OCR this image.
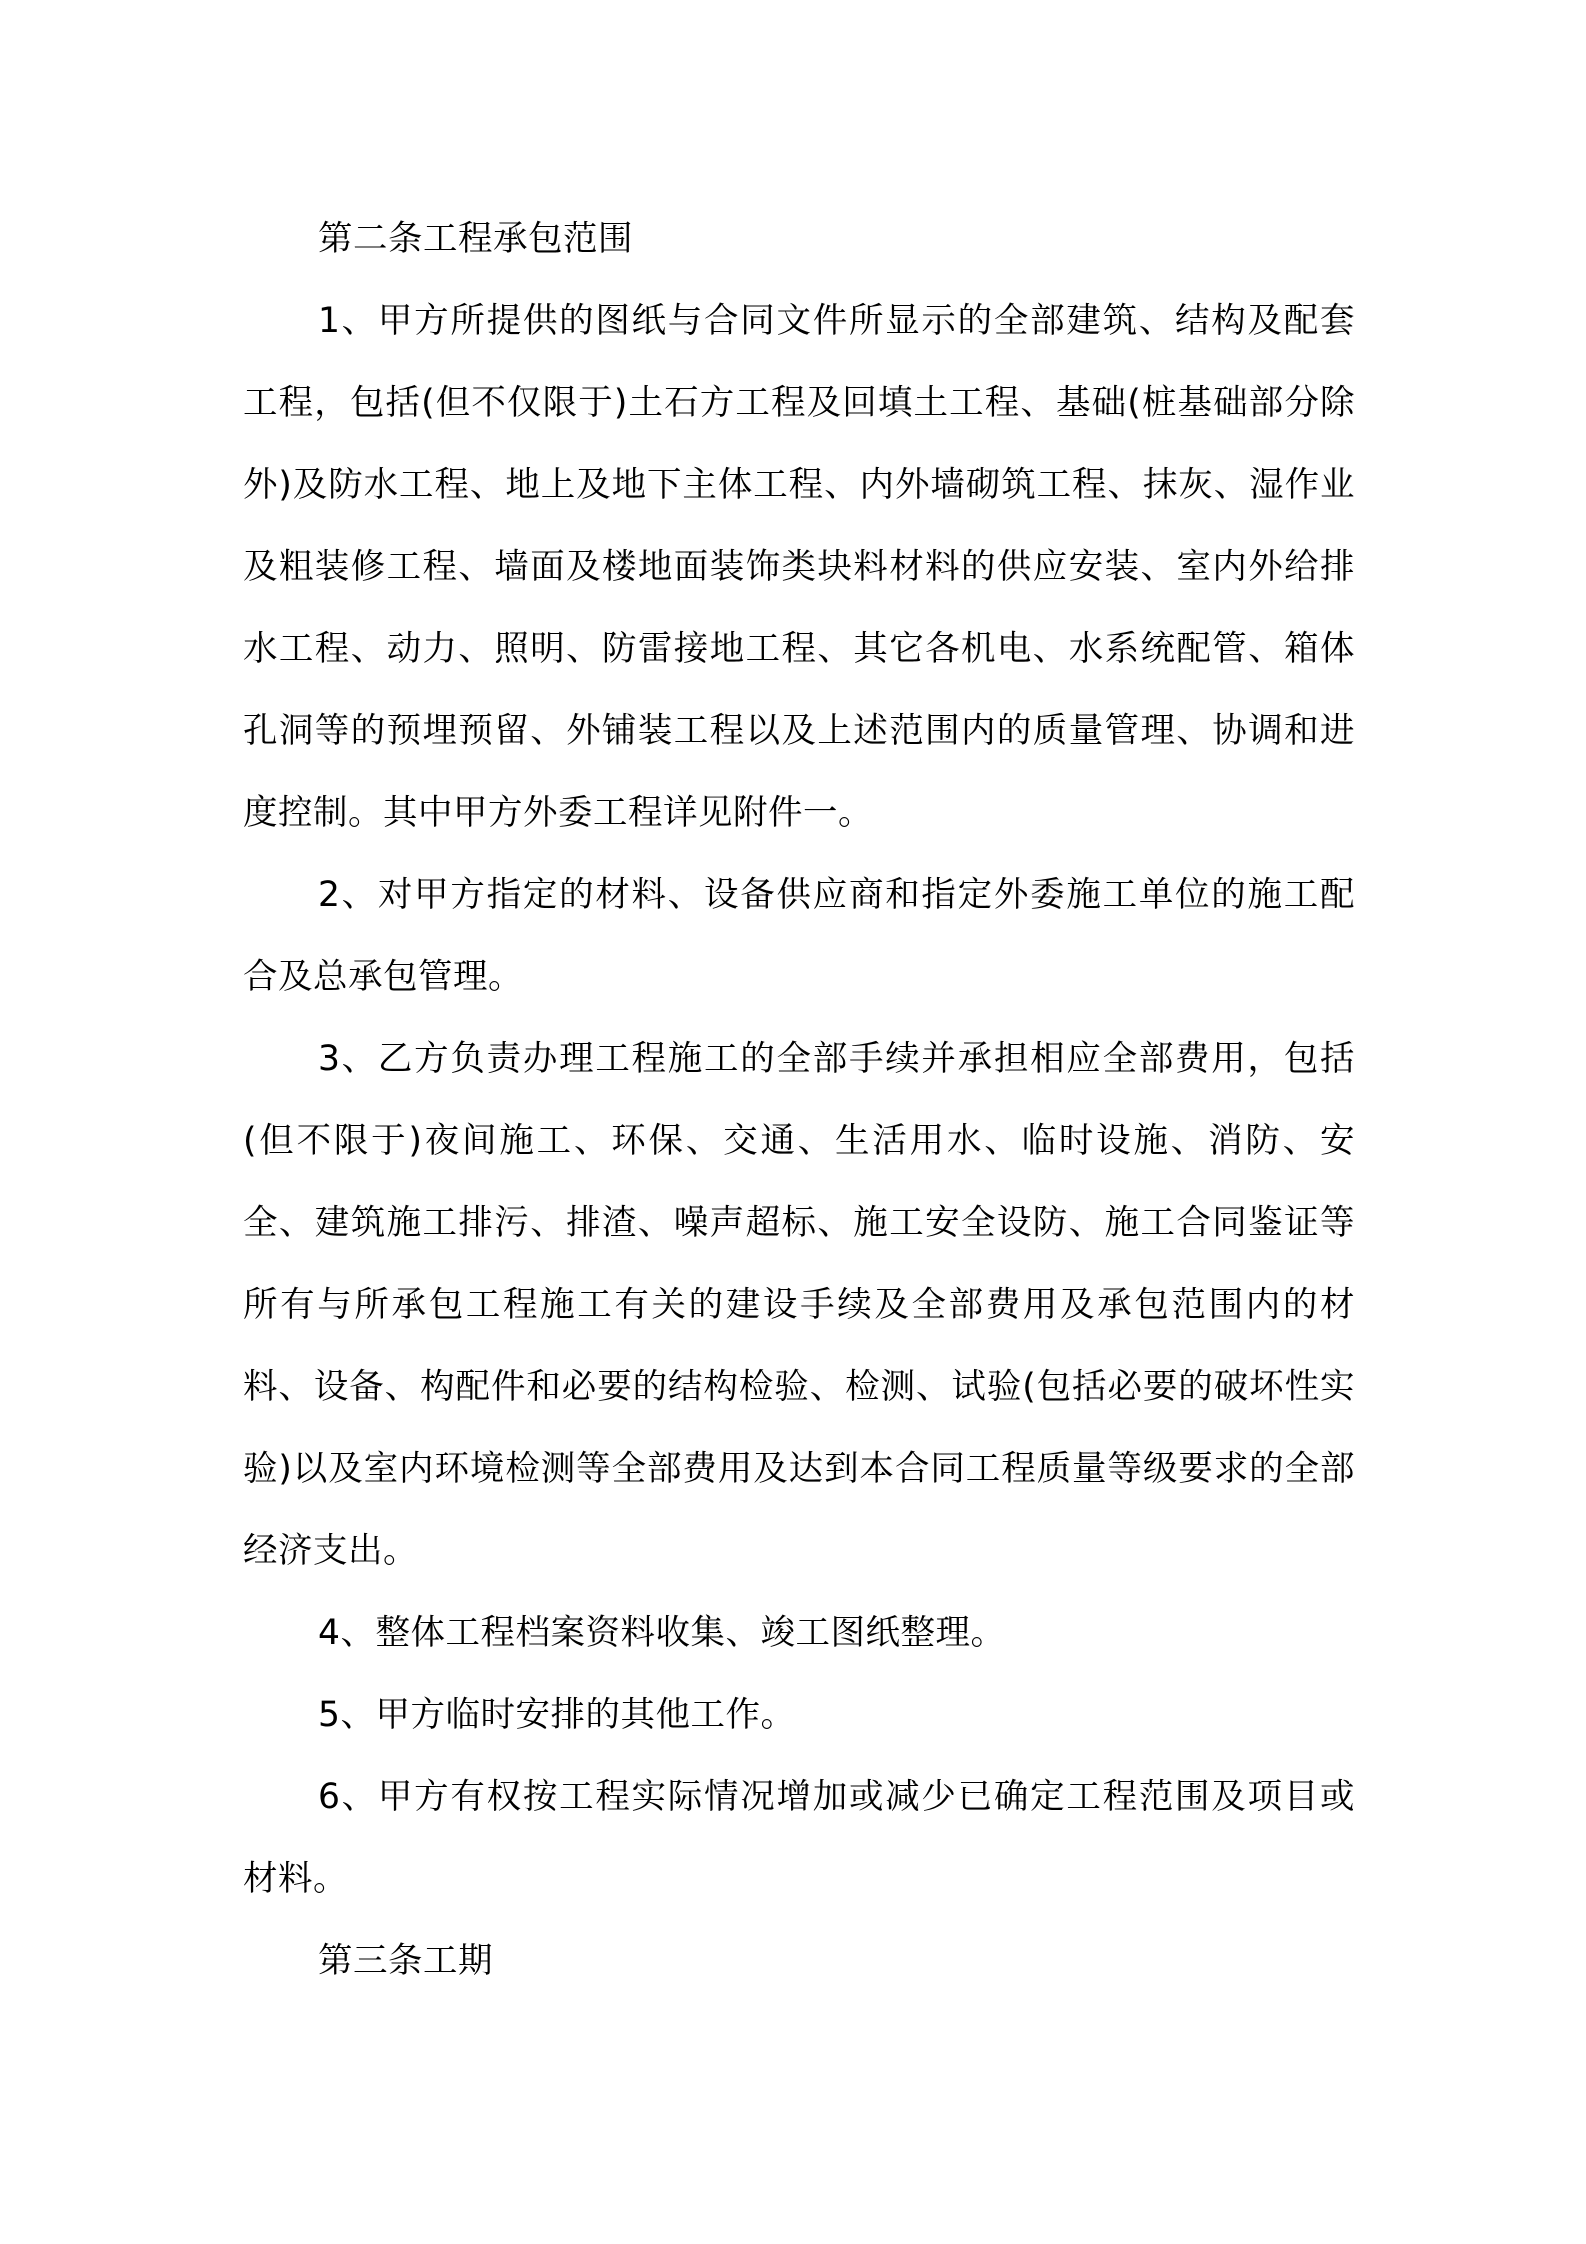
第二条工程承包范围

1、甲方所提供的图纸与合同文件所显示的全部建筑、结构及配套工程，包括(但不仅限于)土石方工程及回填土工程、基础(桩基础部分除外)及防水工程、地上及地下主体工程、内外墙砌筑工程、抹灰、湿作业及粗装修工程、墙面及楼地面装饰类块料材料的供应安装、室内外给排水工程、动力、照明、防雷接地工程、其它各机电、水系统配管、箱体孔洞等的预埋预留、外铺装工程以及上述范围内的质量管理、协调和进度控制。其中甲方外委工程详见附件一。

2、对甲方指定的材料、设备供应商和指定外委施工单位的施工配合及总承包管理。

3、乙方负责办理工程施工的全部手续并承担相应全部费用，包括(但不限于)夜间施工、环保、交通、生活用水、临时设施、消防、安全、建筑施工排污、排渣、噪声超标、施工安全设防、施工合同鉴证等所有与所承包工程施工有关的建设手续及全部费用及承包范围内的材料、设备、构配件和必要的结构检验、检测、试验(包括必要的破坏性实验)以及室内环境检测等全部费用及达到本合同工程质量等级要求的全部经济支出。

4、整体工程档案资料收集、竣工图纸整理。

5、甲方临时安排的其他工作。

6、甲方有权按工程实际情况增加或减少已确定工程范围及项目或材料。

第三条工期
